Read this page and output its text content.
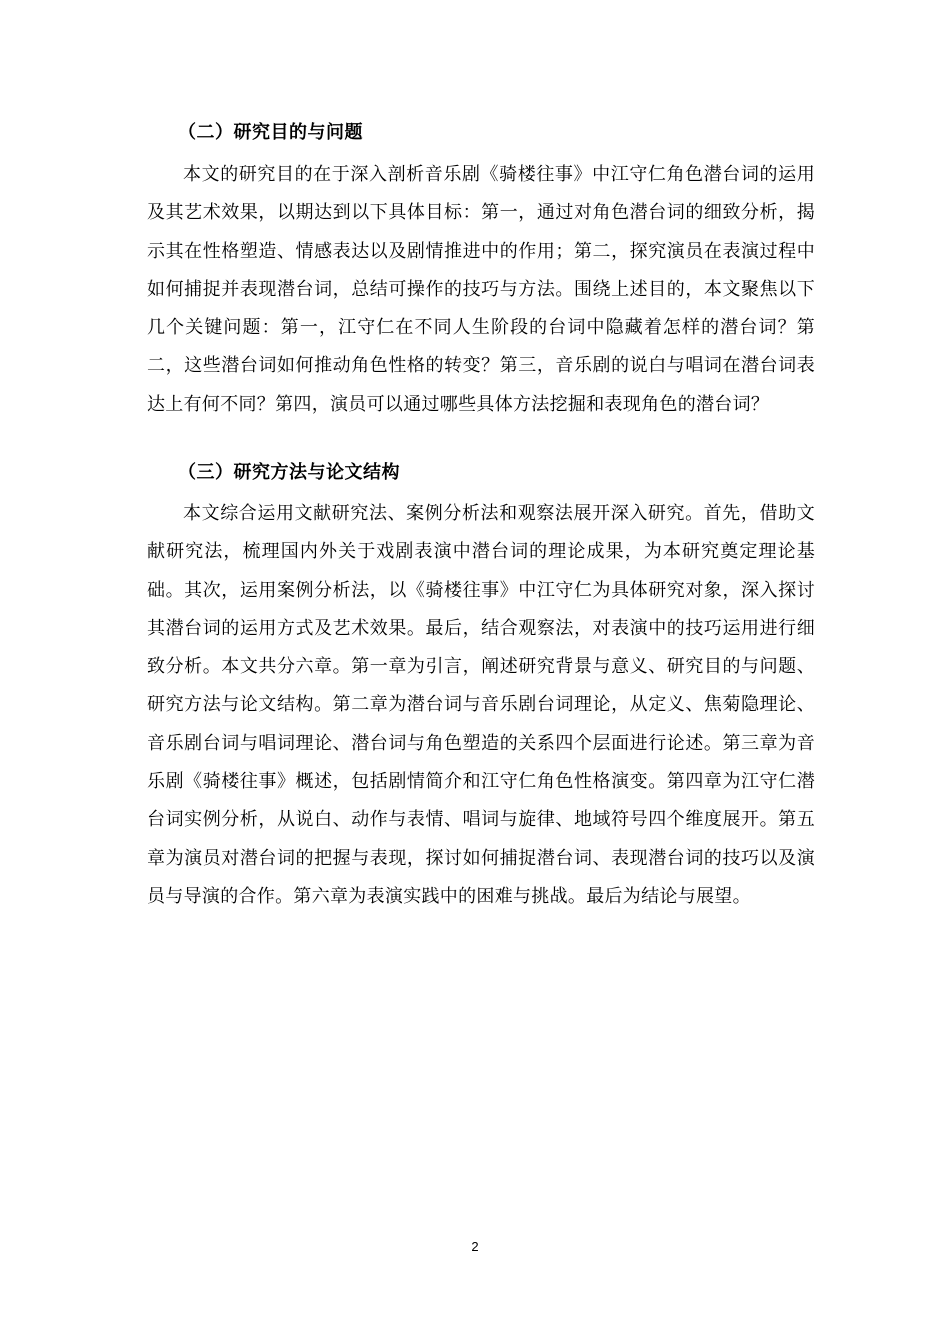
（二）研究目的与问题

本文的研究目的在于深入剖析音乐剧《骑楼往事》中江守仁角色潜台词的运用及其艺术效果，以期达到以下具体目标：第一，通过对角色潜台词的细致分析，揭示其在性格塑造、情感表达以及剧情推进中的作用；第二，探究演员在表演过程中如何捕捉并表现潜台词，总结可操作的技巧与方法。围绕上述目的，本文聚焦以下几个关键问题：第一，江守仁在不同人生阶段的台词中隐藏着怎样的潜台词？第二，这些潜台词如何推动角色性格的转变？第三，音乐剧的说白与唱词在潜台词表达上有何不同？第四，演员可以通过哪些具体方法挖掘和表现角色的潜台词？

（三）研究方法与论文结构

本文综合运用文献研究法、案例分析法和观察法展开深入研究。首先，借助文献研究法，梳理国内外关于戏剧表演中潜台词的理论成果，为本研究奠定理论基础。其次，运用案例分析法，以《骑楼往事》中江守仁为具体研究对象，深入探讨其潜台词的运用方式及艺术效果。最后，结合观察法，对表演中的技巧运用进行细致分析。本文共分六章。第一章为引言，阐述研究背景与意义、研究目的与问题、研究方法与论文结构。第二章为潜台词与音乐剧台词理论，从定义、焦菊隐理论、音乐剧台词与唱词理论、潜台词与角色塑造的关系四个层面进行论述。第三章为音乐剧《骑楼往事》概述，包括剧情简介和江守仁角色性格演变。第四章为江守仁潜台词实例分析，从说白、动作与表情、唱词与旋律、地域符号四个维度展开。第五章为演员对潜台词的把握与表现，探讨如何捕捉潜台词、表现潜台词的技巧以及演员与导演的合作。第六章为表演实践中的困难与挑战。最后为结论与展望。

2
